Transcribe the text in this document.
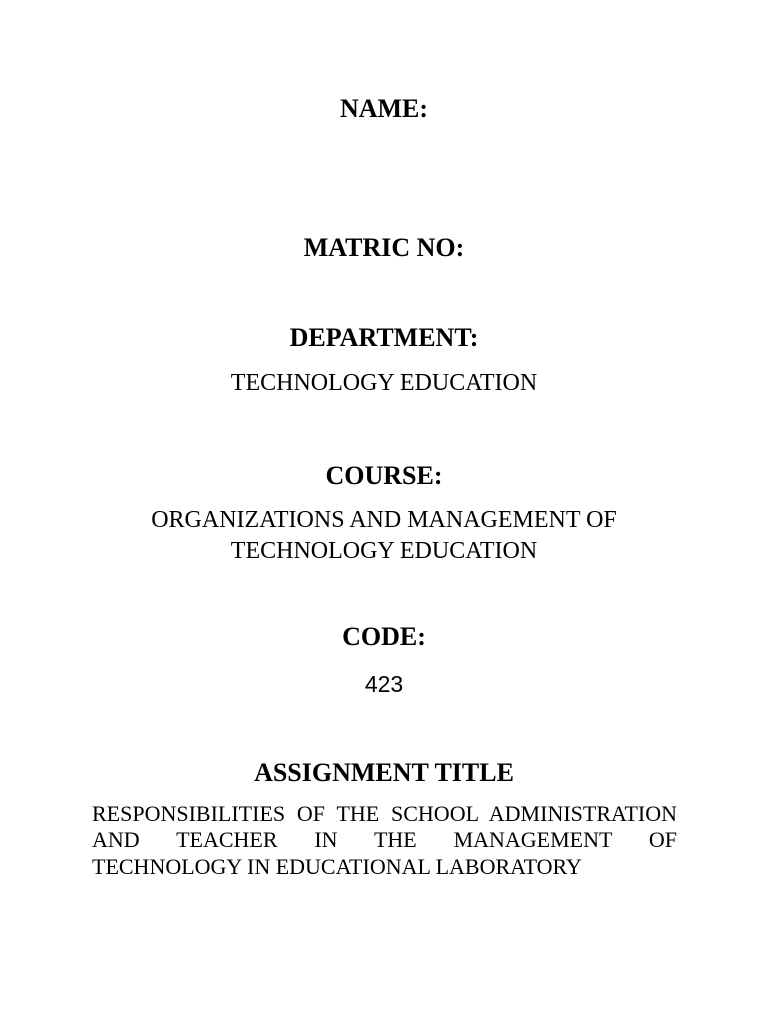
NAME:
MATRIC NO:
DEPARTMENT:
TECHNOLOGY EDUCATION
COURSE:
ORGANIZATIONS AND MANAGEMENT OF
TECHNOLOGY EDUCATION
CODE:
423
ASSIGNMENT TITLE
RESPONSIBILITIES OF THE SCHOOL ADMINISTRATION
AND TEACHER IN THE MANAGEMENT OF
TECHNOLOGY IN EDUCATIONAL LABORATORY
